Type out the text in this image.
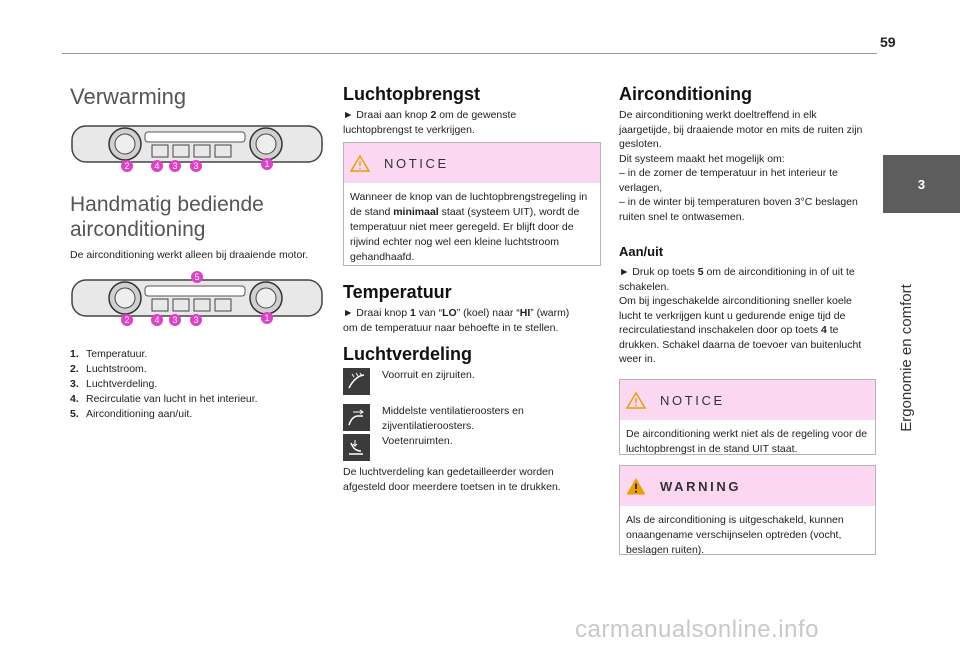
59
3
Ergonomie en comfort
Verwarming
2	4 3 3	1
Handmatig bediende airconditioning
De airconditioning werkt alleen bij draaiende motor.
5
2	4 3 3	1
1. Temperatuur.
2. Luchtstroom.
3. Luchtverdeling.
4. Recirculatie van lucht in het interieur.
5. Airconditioning aan/uit.
Luchtopbrengst
► Draai aan knop 2 om de gewenste luchtopbrengst te verkrijgen.
NOTICE
Wanneer de knop van de luchtopbrengstregeling in de stand minimaal staat (systeem UIT), wordt de temperatuur niet meer geregeld. Er blijft door de rijwind echter nog wel een kleine luchtstroom gehandhaafd.
Temperatuur
► Draai knop 1 van “LO” (koel) naar “HI” (warm) om de temperatuur naar behoefte in te stellen.
Luchtverdeling
Voorruit en zijruiten.
Middelste ventilatieroosters en zijventilatieroosters.
Voetenruimten.
De luchtverdeling kan gedetailleerder worden afgesteld door meerdere toetsen in te drukken.
Airconditioning
De airconditioning werkt doeltreffend in elk jaargetijde, bij draaiende motor en mits de ruiten zijn gesloten.
Dit systeem maakt het mogelijk om:
– in de zomer de temperatuur in het interieur te verlagen,
– in de winter bij temperaturen boven 3°C beslagen ruiten snel te ontwasemen.
Aan/uit
► Druk op toets 5 om de airconditioning in of uit te schakelen.
Om bij ingeschakelde airconditioning sneller koele lucht te verkrijgen kunt u gedurende enige tijd de recirculatiestand inschakelen door op toets 4 te drukken. Schakel daarna de toevoer van buitenlucht weer in.
NOTICE
De airconditioning werkt niet als de regeling voor de luchtopbrengst in de stand UIT staat.
WARNING
Als de airconditioning is uitgeschakeld, kunnen onaangename verschijnselen optreden (vocht, beslagen ruiten).
carmanualsonline.info
